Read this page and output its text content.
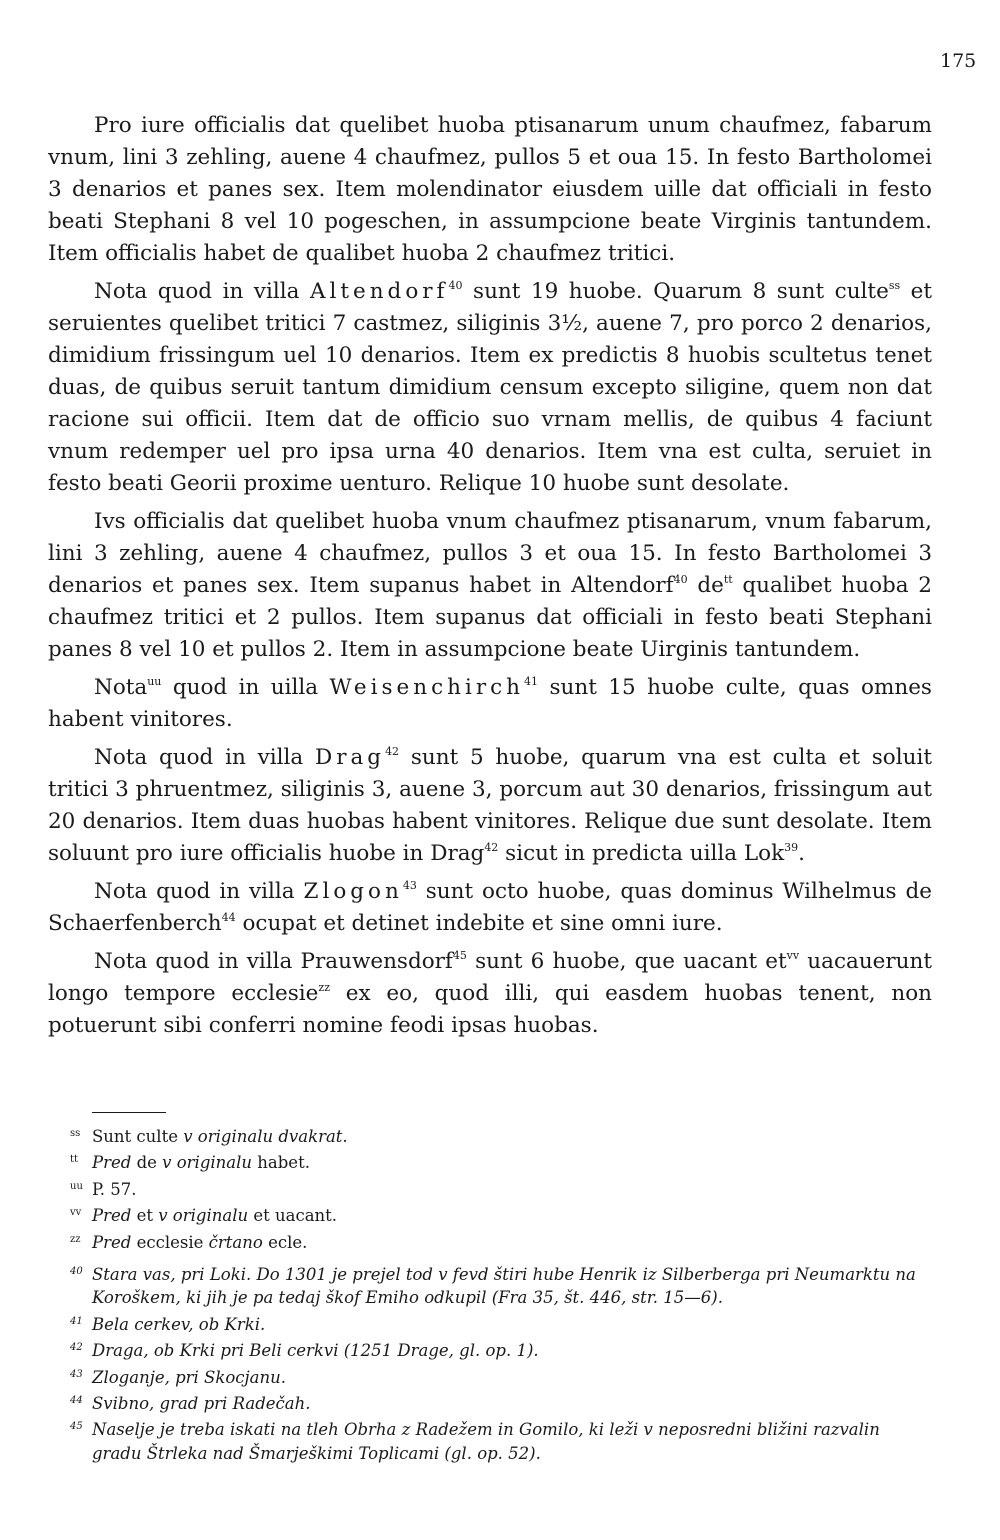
175

Pro iure officialis dat quelibet huoba ptisanarum unum chaufmez, fabarum vnum, lini 3 zehling, auene 4 chaufmez, pullos 5 et oua 15. In festo Bartholomei 3 denarios et panes sex. Item molendinator eiusdem uille dat officiali in festo beati Stephani 8 vel 10 pogeschen, in assumpcione beate Virginis tantundem. Item officialis habet de qualibet huoba 2 chaufmez tritici.

Nota quod in villa Altendorf$^{40}$ sunt 19 huobe. Quarum 8 sunt culte$^{ss}$ et seruientes quelibet tritici 7 castmez, siliginis 3½, auene 7, pro porco 2 denarios, dimidium frissingum uel 10 denarios. Item ex predictis 8 huobis scultetus tenet duas, de quibus seruit tantum dimidium censum excepto siligine, quem non dat racione sui officii. Item dat de officio suo vrnam mellis, de quibus 4 faciunt vnum redemper uel pro ipsa urna 40 denarios. Item vna est culta, seruiet in festo beati Georii proxime uenturo. Relique 10 huobe sunt desolate.

Ivs officialis dat quelibet huoba vnum chaufmez ptisanarum, vnum fabarum, lini 3 zehling, auene 4 chaufmez, pullos 3 et oua 15. In festo Bartholomei 3 denarios et panes sex. Item supanus habet in Altendorf$^{40}$ $de^{tt}$ qualibet huoba 2 chaufmez tritici et 2 pullos. Item supanus dat officiali in festo beati Stephani panes 8 vel 10 et pullos 2. Item in assumpcione beate Uirginis tantundem.

Nota$^{uu}$ quod in uilla Weisenchirch$^{41}$ sunt 15 huobe culte, quas omnes habent vinitores.

Nota quod in villa Drag$^{42}$ sunt 5 huobe, quarum vna est culta et soluit tritici 3 phruentmez, siliginis 3, auene 3, porcum aut 30 denarios, frissingum aut 20 denarios. Item duas huobas habent vinitores. Relique due sunt desolate. Item soluunt pro iure officialis huobe in Drag$^{42}$ sicut in predicta uilla Lok$^{39}$.

Nota quod in villa Zlogon$^{43}$ sunt octo huobe, quas dominus Wilhelmus de Schaerfenberch$^{44}$ ocupat et detinet indebite et sine omni iure.

Nota quod in villa Prauwensdorf$^{45}$ sunt 6 huobe, que uacant $et^{vv}$ uacauerunt longo tempore ecclesie$^{zz}$ ex eo, quod illi, qui easdem huobas tenent, non potuerunt sibi conferri nomine feodi ipsas huobas.

ss Sunt culte v originalu dvakrat.
tt Pred de v originalu habet.
uu P. 57.
vv Pred et v originalu et uacant.
zz Pred ecclesie črtano ecle.
40 Stara vas, pri Loki. Do 1301 je prejel tod v fevd štiri hube Henrik iz Silberberga pri Neumarktu na Koroškem, ki jih je pa tedaj škof Emiho odkupil (Fra 35, št. 446, str. 15—6).
41 Bela cerkev, ob Krki.
42 Draga, ob Krki pri Beli cerkvi (1251 Drage, gl. op. 1).
43 Zloganje, pri Skocjanu.
44 Svibno, grad pri Radečah.
45 Naselje je treba iskati na tleh Obrha z Radežem in Gomilo, ki leži v neposredni bližini razvalin gradu Štrleka nad Šmarješkimi Toplicami (gl. op. 52).
